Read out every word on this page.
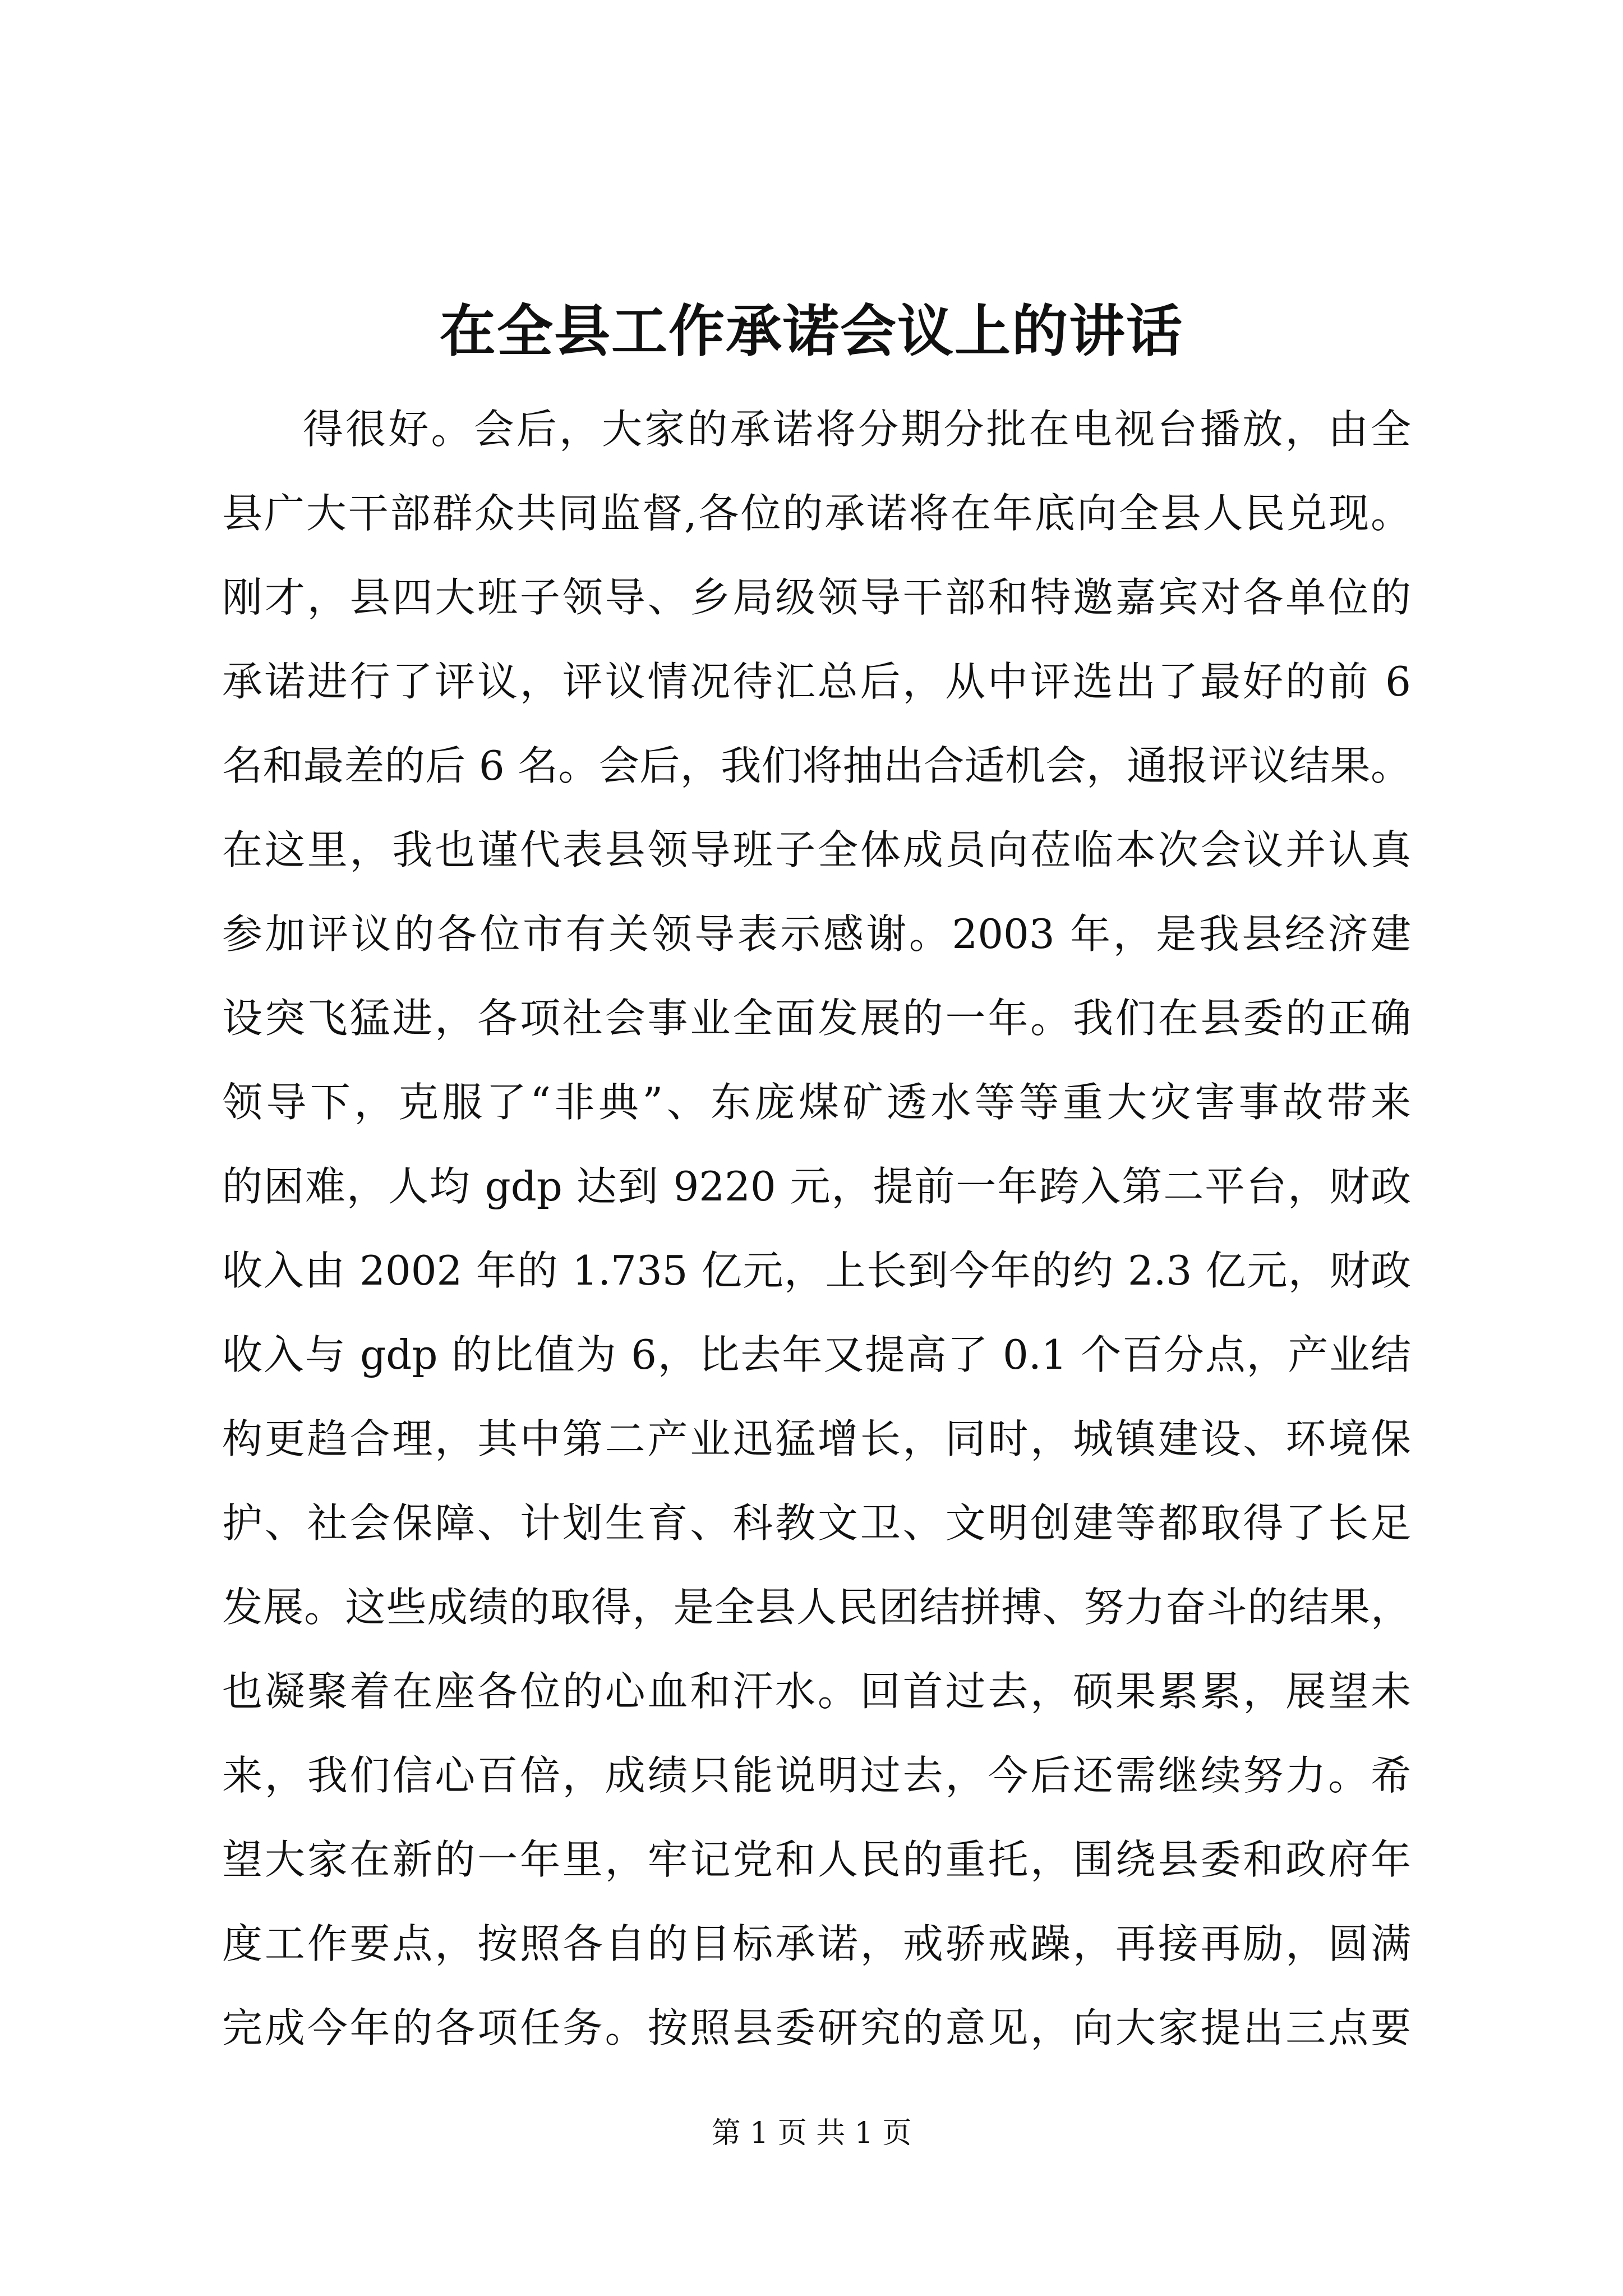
在全县工作承诺会议上的讲话
得很好。会后，大家的承诺将分期分批在电视台播放，由全
县广大干部群众共同监督,各位的承诺将在年底向全县人民兑现。
刚才，县四大班子领导、乡局级领导干部和特邀嘉宾对各单位的
承诺进行了评议，评议情况待汇总后，从中评选出了最好的前 6
名和最差的后 6 名。会后，我们将抽出合适机会，通报评议结果。
在这里，我也谨代表县领导班子全体成员向莅临本次会议并认真
参加评议的各位市有关领导表示感谢。2003 年，是我县经济建
设突飞猛进，各项社会事业全面发展的一年。我们在县委的正确
领导下，克服了“非典”、东庞煤矿透水等等重大灾害事故带来
的困难，人均 gdp 达到 9220 元，提前一年跨入第二平台，财政
收入由 2002 年的 1.735 亿元，上长到今年的约 2.3 亿元，财政
收入与 gdp 的比值为 6，比去年又提高了 0.1 个百分点，产业结
构更趋合理，其中第二产业迅猛增长，同时，城镇建设、环境保
护、社会保障、计划生育、科教文卫、文明创建等都取得了长足
发展。这些成绩的取得，是全县人民团结拼搏、努力奋斗的结果，
也凝聚着在座各位的心血和汗水。回首过去，硕果累累，展望未
来，我们信心百倍，成绩只能说明过去，今后还需继续努力。希
望大家在新的一年里，牢记党和人民的重托，围绕县委和政府年
度工作要点，按照各自的目标承诺，戒骄戒躁，再接再励，圆满
完成今年的各项任务。按照县委研究的意见，向大家提出三点要
第 1 页 共 1 页
